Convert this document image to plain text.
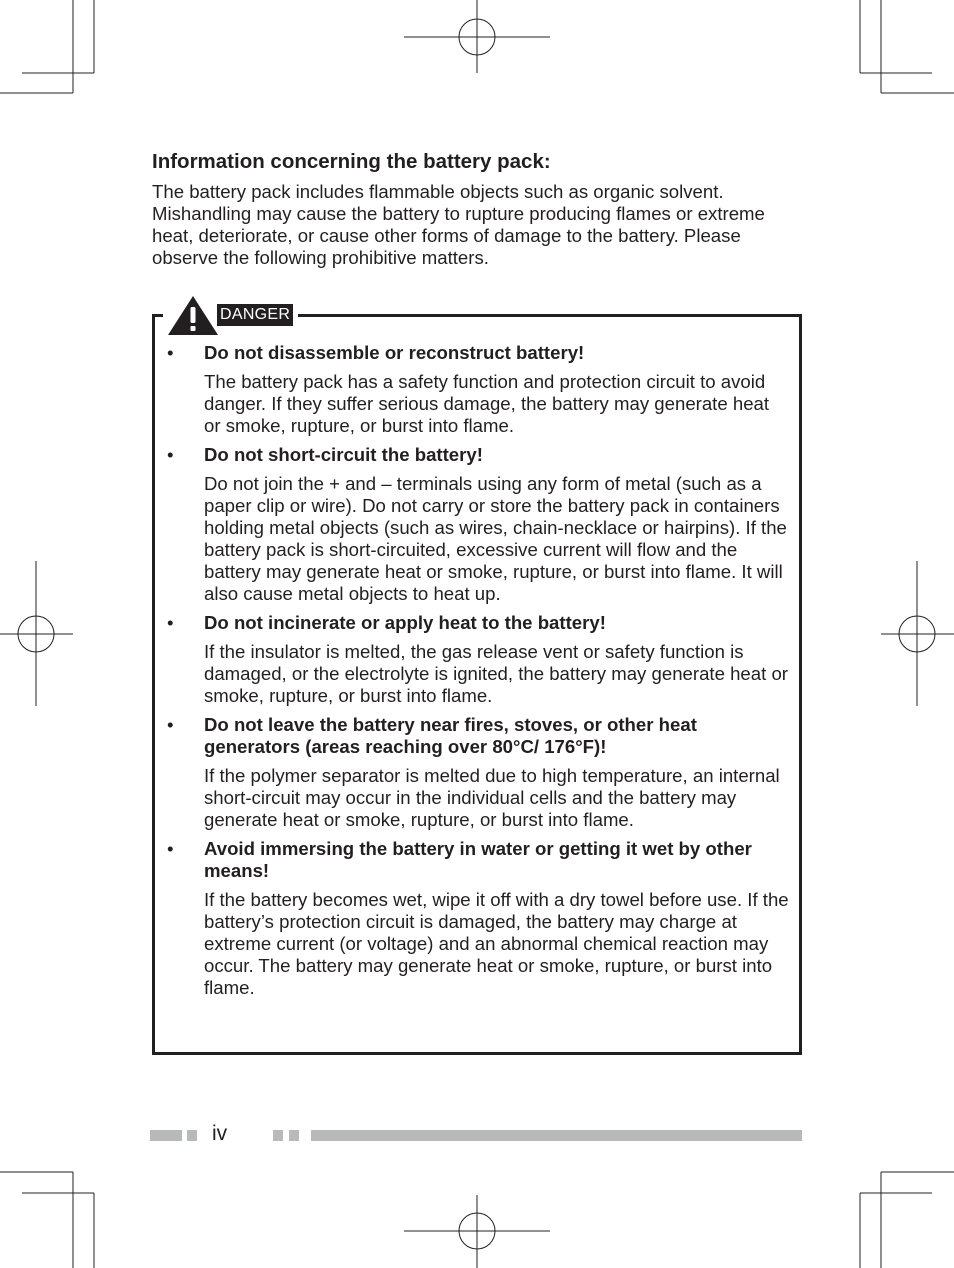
Information concerning the battery pack:

The battery pack includes flammable objects such as organic solvent. Mishandling may cause the battery to rupture producing flames or extreme heat, deteriorate, or cause other forms of damage to the battery. Please observe the following prohibitive matters.

DANGER
• Do not disassemble or reconstruct battery!
The battery pack has a safety function and protection circuit to avoid danger. If they suffer serious damage, the battery may generate heat or smoke, rupture, or burst into flame.
• Do not short-circuit the battery!
Do not join the + and – terminals using any form of metal (such as a paper clip or wire). Do not carry or store the battery pack in containers holding metal objects (such as wires, chain-necklace or hairpins). If the battery pack is short-circuited, excessive current will flow and the battery may generate heat or smoke, rupture, or burst into flame. It will also cause metal objects to heat up.
• Do not incinerate or apply heat to the battery!
If the insulator is melted, the gas release vent or safety function is damaged, or the electrolyte is ignited, the battery may generate heat or smoke, rupture, or burst into flame.
• Do not leave the battery near fires, stoves, or other heat generators (areas reaching over 80°C/ 176°F)!
If the polymer separator is melted due to high temperature, an internal short-circuit may occur in the individual cells and the battery may generate heat or smoke, rupture, or burst into flame.
• Avoid immersing the battery in water or getting it wet by other means!
If the battery becomes wet, wipe it off with a dry towel before use. If the battery’s protection circuit is damaged, the battery may charge at extreme current (or voltage) and an abnormal chemical reaction may occur. The battery may generate heat or smoke, rupture, or burst into flame.
iv
